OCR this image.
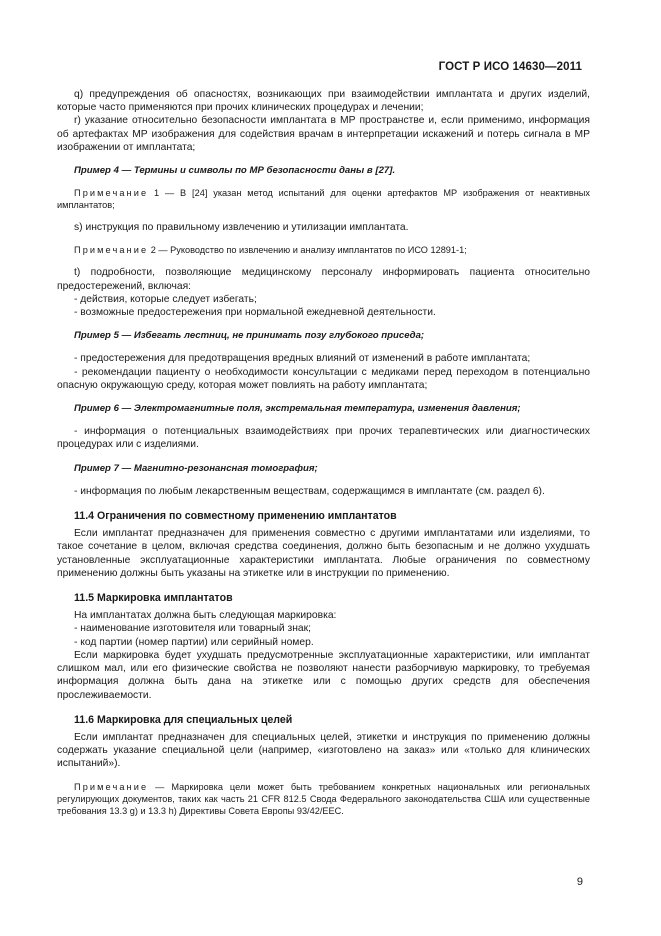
ГОСТ Р ИСО 14630—2011

q) предупреждения об опасностях, возникающих при взаимодействии имплантата и других изделий, которые часто применяются при прочих клинических процедурах и лечении;

r) указание относительно безопасности имплантата в МР пространстве и, если применимо, информация об артефактах МР изображения для содействия врачам в интерпретации искажений и потерь сигнала в МР изображении от имплантата;

Пример 4 — Термины и символы по МР безопасности даны в [27].

Примечание 1 — В [24] указан метод испытаний для оценки артефактов МР изображения от неактивных имплантатов;

s) инструкция по правильному извлечению и утилизации имплантата.

Примечание 2 — Руководство по извлечению и анализу имплантатов по ИСО 12891-1;

t) подробности, позволяющие медицинскому персоналу информировать пациента относительно предостережений, включая:

- действия, которые следует избегать;

- возможные предостережения при нормальной ежедневной деятельности.

Пример 5 — Избегать лестниц, не принимать позу глубокого приседа;

- предостережения для предотвращения вредных влияний от изменений в работе имплантата;

- рекомендации пациенту о необходимости консультации с медиками перед переходом в потенциально опасную окружающую среду, которая может повлиять на работу имплантата;

Пример 6 — Электромагнитные поля, экстремальная температура, изменения давления;

- информация о потенциальных взаимодействиях при прочих терапевтических или диагностических процедурах или с изделиями.

Пример 7 — Магнитно-резонансная томография;

- информация по любым лекарственным веществам, содержащимся в имплантате (см. раздел 6).

11.4 Ограничения по совместному применению имплантатов

Если имплантат предназначен для применения совместно с другими имплантатами или изделиями, то такое сочетание в целом, включая средства соединения, должно быть безопасным и не должно ухудшать установленные эксплуатационные характеристики имплантата. Любые ограничения по совместному применению должны быть указаны на этикетке или в инструкции по применению.

11.5 Маркировка имплантатов

На имплантатах должна быть следующая маркировка:

- наименование изготовителя или товарный знак;

- код партии (номер партии) или серийный номер.

Если маркировка будет ухудшать предусмотренные эксплуатационные характеристики, или имплантат слишком мал, или его физические свойства не позволяют нанести разборчивую маркировку, то требуемая информация должна быть дана на этикетке или с помощью других средств для обеспечения прослеживаемости.

11.6 Маркировка для специальных целей

Если имплантат предназначен для специальных целей, этикетки и инструкция по применению должны содержать указание специальной цели (например, «изготовлено на заказ» или «только для клинических испытаний»).

Примечание — Маркировка цели может быть требованием конкретных национальных или региональных регулирующих документов, таких как часть 21 CFR 812.5 Свода Федерального законодательства США или существенные требования 13.3 g) и 13.3 h) Директивы Совета Европы 93/42/EEC.

9
